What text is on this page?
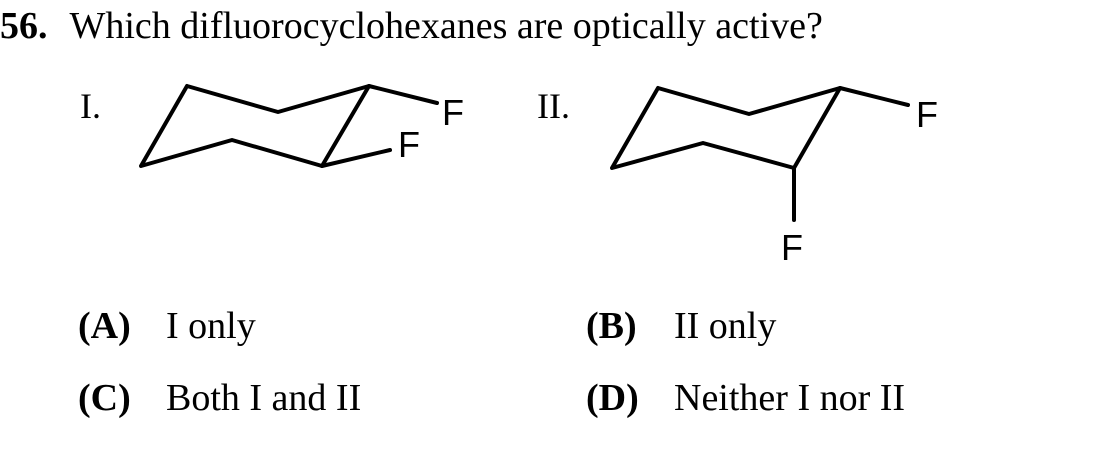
56. Which difluorocyclohexanes are optically active?
I.	II.
F
F
F
F
(A) I only	(B) II only
(C) Both I and II	(D) Neither I nor II
